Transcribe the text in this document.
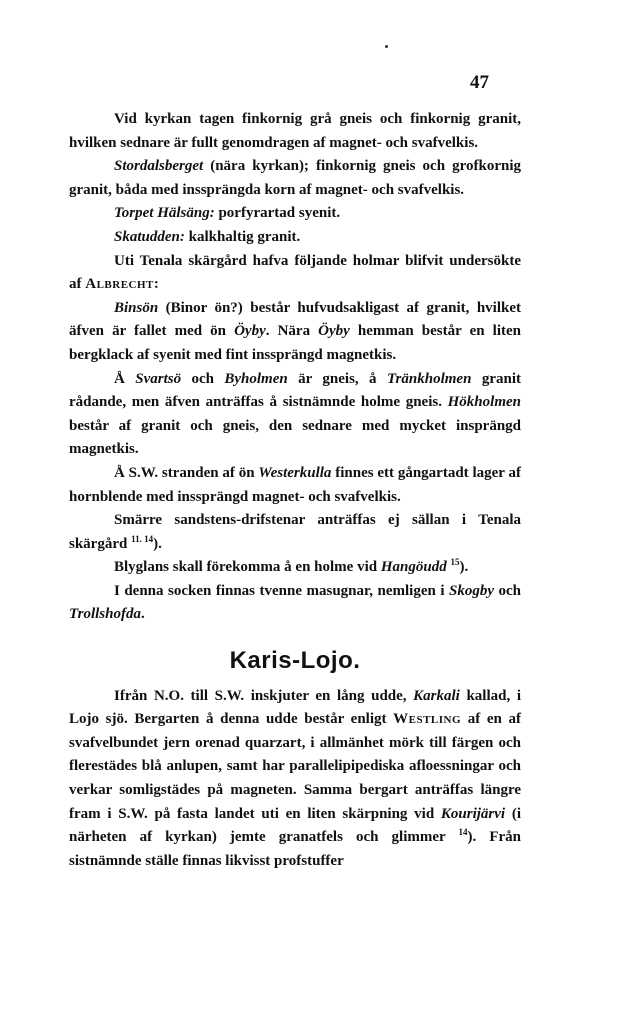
47

Vid kyrkan tagen finkornig grå gneis och finkornig granit, hvilken sednare är fullt genomdragen af magnet- och svafvelkis.

Stordalsberget (nära kyrkan); finkornig gneis och grofkornig granit, båda med inssprängda korn af magnet- och svafvelkis.

Torpet Hälsäng: porfyrartad syenit.

Skatudden: kalkhaltig granit.

Uti Tenala skärgård hafva följande holmar blifvit undersökte af Albrecht:

Binsön (Binor ön?) består hufvudsakligast af granit, hvilket äfven är fallet med ön Öyby. Nära Öyby hemman består en liten bergklack af syenit med fint inssprängd magnetkis.

Å Svartsö och Byholmen är gneis, å Tränkholmen granit rådande, men äfven anträffas å sistnämnde holme gneis. Hökholmen består af granit och gneis, den sednare med mycket insprängd magnetkis.

Å S.W. stranden af ön Westerkulla finnes ett gångartadt lager af hornblende med inssprängd magnet- och svafvelkis.

Smärre sandstens-drifstenar anträffas ej sällan i Tenala skärgård $^{11. 14}$).

Blyglans skall förekomma å en holme vid Hangöudd $^{15}$).

I denna socken finnas tvenne masugnar, nemligen i Skogby och Trollshofda.

Karis-Lojo.

Ifrån N.O. till S.W. inskjuter en lång udde, Karkali kallad, i Lojo sjö. Bergarten å denna udde består enligt Westling af en af svafvelbundet jern orenad quarzart, i allmänhet mörk till färgen och flerestädes blå anlupen, samt har parallelipipediska afloessningar och verkar somligstädes på magneten. Samma bergart anträffas längre fram i S.W. på fasta landet uti en liten skärpning vid Kourijärvi (i närheten af kyrkan) jemte granatfels och glimmer $^{14}$). Från sistnämnde ställe finnas likvisst profstuffer
